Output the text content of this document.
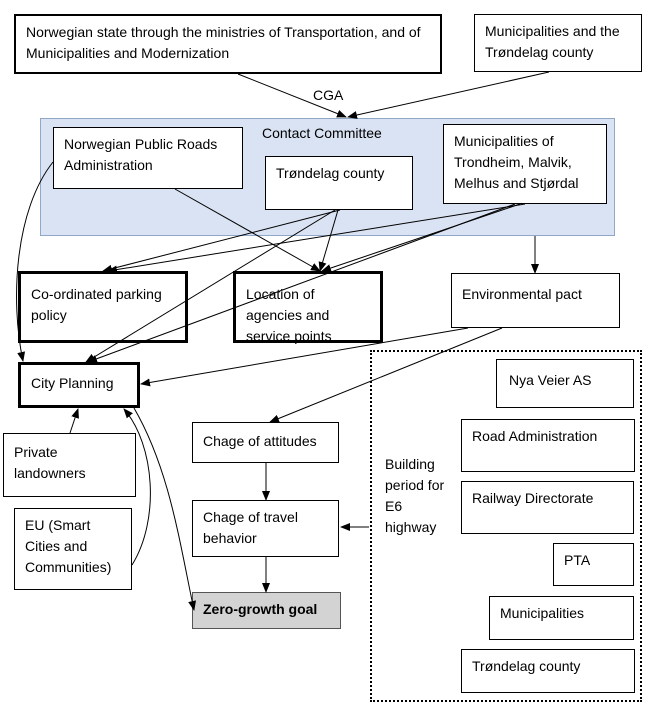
Contact Committee
Building period for E6 highway
Norwegian state through the ministries of Transportation, and of Municipalities and Modernization
Municipalities and the Trøndelag county
CGA
Norwegian Public Roads Administration	Trøndelag county
Municipalities of Trondheim, Malvik, Melhus and Stjørdal
Co-ordinated parking policy
Location of agencies and service points
Environmental pact
City Planning
Private landowners
EU (Smart Cities and Communities)
Chage of attitudes
Chage of travel behavior
Zero-growth goal
Nya Veier AS
Road Administration
Railway Directorate
PTA
Municipalities
Trøndelag county
